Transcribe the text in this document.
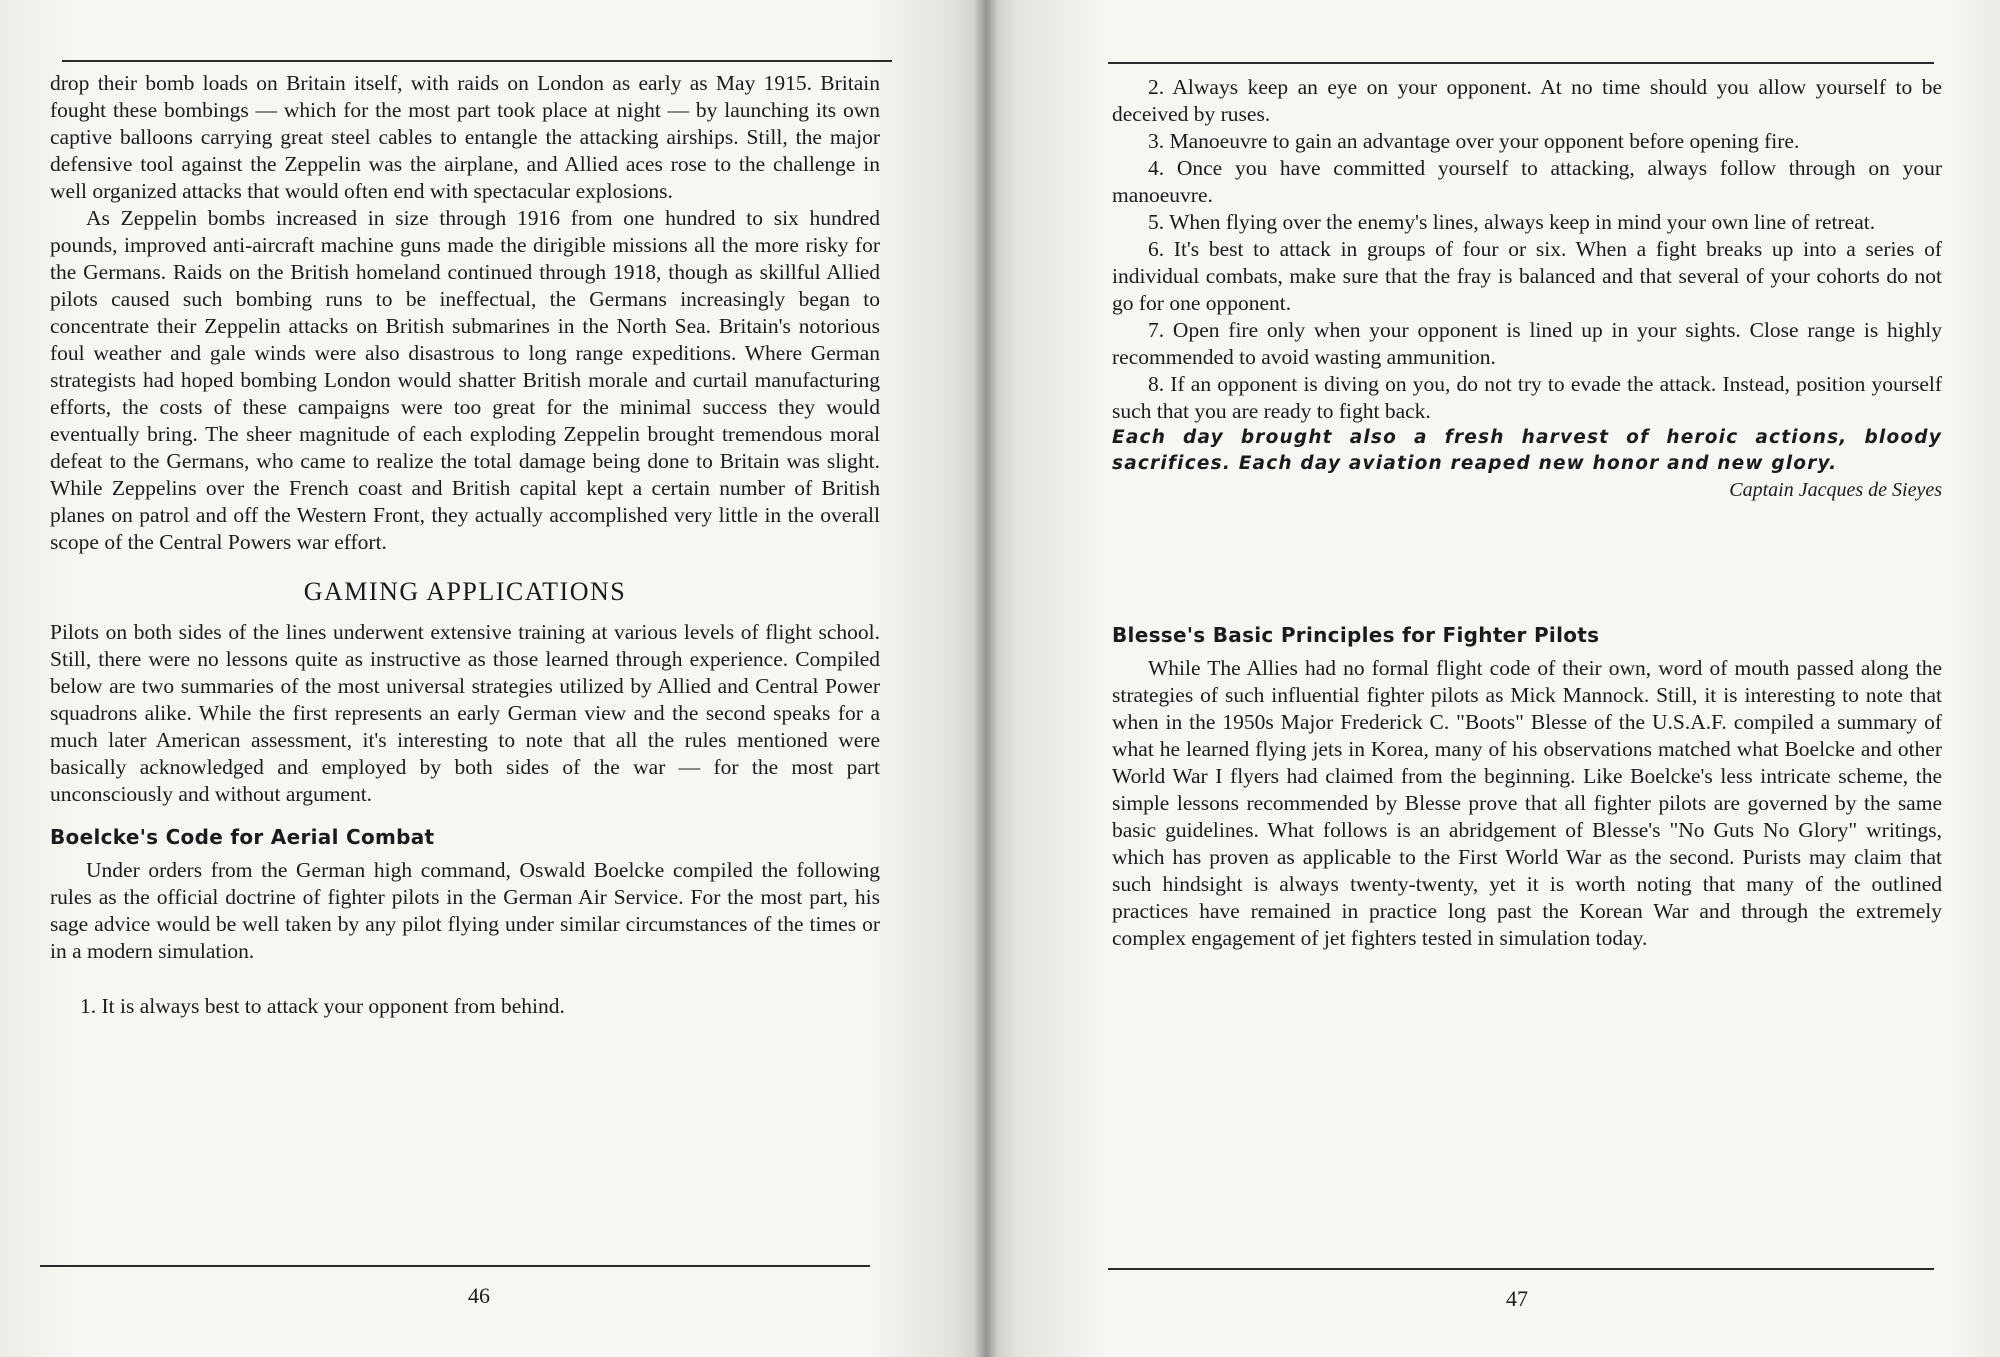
drop their bomb loads on Britain itself, with raids on London as early as May 1915. Britain fought these bombings — which for the most part took place at night — by launching its own captive balloons carrying great steel cables to entangle the attacking airships. Still, the major defensive tool against the Zeppelin was the airplane, and Allied aces rose to the challenge in well organized attacks that would often end with spectacular explosions.

As Zeppelin bombs increased in size through 1916 from one hundred to six hundred pounds, improved anti-aircraft machine guns made the dirigible missions all the more risky for the Germans. Raids on the British homeland continued through 1918, though as skillful Allied pilots caused such bombing runs to be ineffectual, the Germans increasingly began to concentrate their Zeppelin attacks on British submarines in the North Sea. Britain's notorious foul weather and gale winds were also disastrous to long range expeditions. Where German strategists had hoped bombing London would shatter British morale and curtail manufacturing efforts, the costs of these campaigns were too great for the minimal success they would eventually bring. The sheer magnitude of each exploding Zeppelin brought tremendous moral defeat to the Germans, who came to realize the total damage being done to Britain was slight. While Zeppelins over the French coast and British capital kept a certain number of British planes on patrol and off the Western Front, they actually accomplished very little in the overall scope of the Central Powers war effort.

GAMING APPLICATIONS

Pilots on both sides of the lines underwent extensive training at various levels of flight school. Still, there were no lessons quite as instructive as those learned through experience. Compiled below are two summaries of the most universal strategies utilized by Allied and Central Power squadrons alike. While the first represents an early German view and the second speaks for a much later American assessment, it's interesting to note that all the rules mentioned were basically acknowledged and employed by both sides of the war — for the most part unconsciously and without argument.

Boelcke's Code for Aerial Combat

Under orders from the German high command, Oswald Boelcke compiled the following rules as the official doctrine of fighter pilots in the German Air Service. For the most part, his sage advice would be well taken by any pilot flying under similar circumstances of the times or in a modern simulation.

1. It is always best to attack your opponent from behind.

46

2. Always keep an eye on your opponent. At no time should you allow yourself to be deceived by ruses.

3. Manoeuvre to gain an advantage over your opponent before opening fire.

4. Once you have committed yourself to attacking, always follow through on your manoeuvre.

5. When flying over the enemy's lines, always keep in mind your own line of retreat.

6. It's best to attack in groups of four or six. When a fight breaks up into a series of individual combats, make sure that the fray is balanced and that several of your cohorts do not go for one opponent.

7. Open fire only when your opponent is lined up in your sights. Close range is highly recommended to avoid wasting ammunition.

8. If an opponent is diving on you, do not try to evade the attack. Instead, position yourself such that you are ready to fight back.

Each day brought also a fresh harvest of heroic actions, bloody sacrifices. Each day aviation reaped new honor and new glory.

Captain Jacques de Sieyes

Blesse's Basic Principles for Fighter Pilots

While The Allies had no formal flight code of their own, word of mouth passed along the strategies of such influential fighter pilots as Mick Mannock. Still, it is interesting to note that when in the 1950s Major Frederick C. "Boots" Blesse of the U.S.A.F. compiled a summary of what he learned flying jets in Korea, many of his observations matched what Boelcke and other World War I flyers had claimed from the beginning. Like Boelcke's less intricate scheme, the simple lessons recommended by Blesse prove that all fighter pilots are governed by the same basic guidelines. What follows is an abridgement of Blesse's "No Guts No Glory" writings, which has proven as applicable to the First World War as the second. Purists may claim that such hindsight is always twenty-twenty, yet it is worth noting that many of the outlined practices have remained in practice long past the Korean War and through the extremely complex engagement of jet fighters tested in simulation today.

47
